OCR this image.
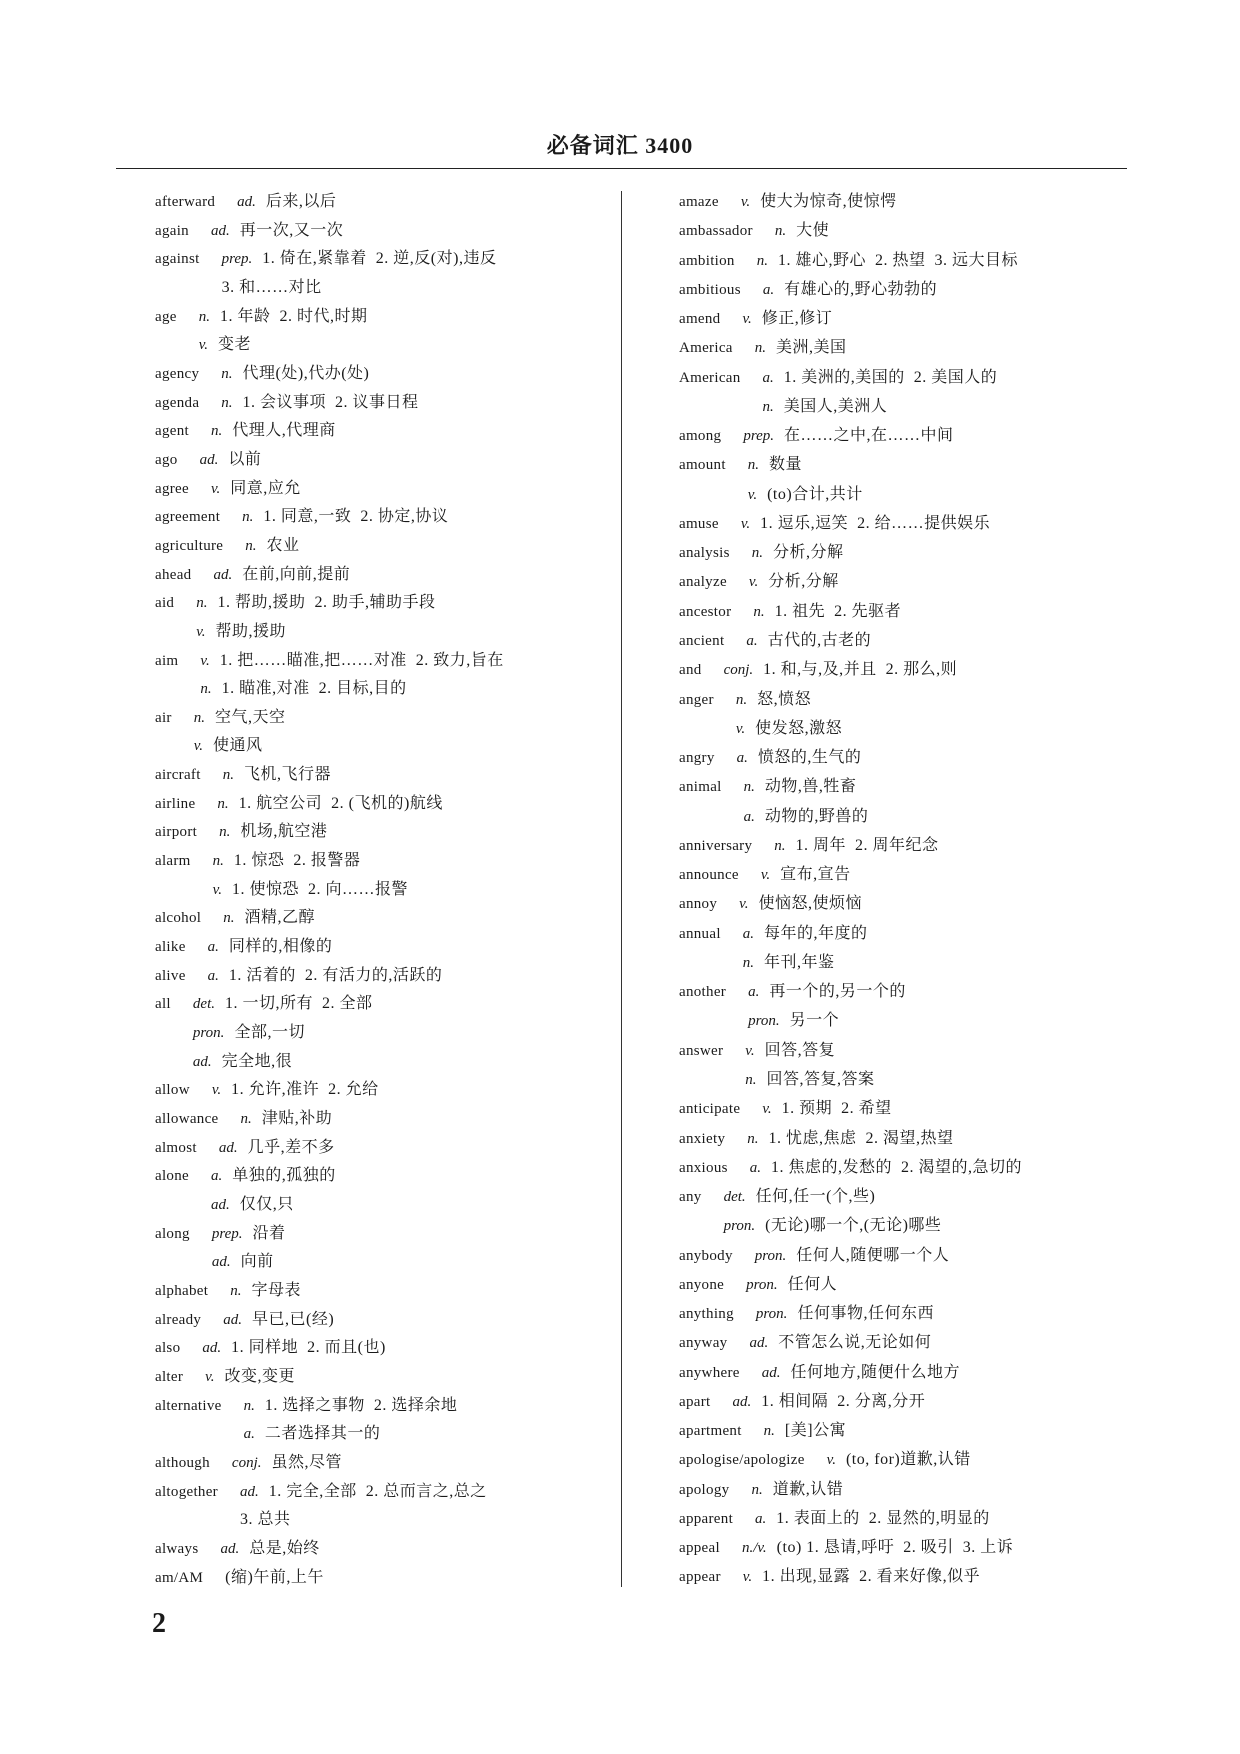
必备词汇 3400
afterward ad. 后来,以后
again ad. 再一次,又一次
against prep. 1. 倚在,紧靠着  2. 逆,反(对),违反
3. 和……对比
age n. 1. 年龄  2. 时代,时期
v. 变老
agency n. 代理(处),代办(处)
agenda n. 1. 会议事项  2. 议事日程
agent n. 代理人,代理商
ago ad. 以前
agree v. 同意,应允
agreement n. 1. 同意,一致  2. 协定,协议
agriculture n. 农业
ahead ad. 在前,向前,提前
aid n. 1. 帮助,援助  2. 助手,辅助手段
v. 帮助,援助
aim v. 1. 把……瞄准,把……对准  2. 致力,旨在
n. 1. 瞄准,对准  2. 目标,目的
air n. 空气,天空
v. 使通风
aircraft n. 飞机,飞行器
airline n. 1. 航空公司  2. (飞机的)航线
airport n. 机场,航空港
alarm n. 1. 惊恐  2. 报警器
v. 1. 使惊恐  2. 向……报警
alcohol n. 酒精,乙醇
alike a. 同样的,相像的
alive a. 1. 活着的  2. 有活力的,活跃的
all det. 1. 一切,所有  2. 全部
pron. 全部,一切
ad. 完全地,很
allow v. 1. 允许,准许  2. 允给
allowance n. 津贴,补助
almost ad. 几乎,差不多
alone a. 单独的,孤独的
ad. 仅仅,只
along prep. 沿着
ad. 向前
alphabet n. 字母表
already ad. 早已,已(经)
also ad. 1. 同样地  2. 而且(也)
alter v. 改变,变更
alternative n. 1. 选择之事物  2. 选择余地
a. 二者选择其一的
although conj. 虽然,尽管
altogether ad. 1. 完全,全部  2. 总而言之,总之
3. 总共
always ad. 总是,始终
am/AM (缩)午前,上午
amaze v. 使大为惊奇,使惊愕
ambassador n. 大使
ambition n. 1. 雄心,野心  2. 热望  3. 远大目标
ambitious a. 有雄心的,野心勃勃的
amend v. 修正,修订
America n. 美洲,美国
American a. 1. 美洲的,美国的  2. 美国人的
n. 美国人,美洲人
among prep. 在……之中,在……中间
amount n. 数量
v. (to)合计,共计
amuse v. 1. 逗乐,逗笑  2. 给……提供娱乐
analysis n. 分析,分解
analyze v. 分析,分解
ancestor n. 1. 祖先  2. 先驱者
ancient a. 古代的,古老的
and conj. 1. 和,与,及,并且  2. 那么,则
anger n. 怒,愤怒
v. 使发怒,激怒
angry a. 愤怒的,生气的
animal n. 动物,兽,牲畜
a. 动物的,野兽的
anniversary n. 1. 周年  2. 周年纪念
announce v. 宣布,宣告
annoy v. 使恼怒,使烦恼
annual a. 每年的,年度的
n. 年刊,年鉴
another a. 再一个的,另一个的
pron. 另一个
answer v. 回答,答复
n. 回答,答复,答案
anticipate v. 1. 预期  2. 希望
anxiety n. 1. 忧虑,焦虑  2. 渴望,热望
anxious a. 1. 焦虑的,发愁的  2. 渴望的,急切的
any det. 任何,任一(个,些)
pron. (无论)哪一个,(无论)哪些
anybody pron. 任何人,随便哪一个人
anyone pron. 任何人
anything pron. 任何事物,任何东西
anyway ad. 不管怎么说,无论如何
anywhere ad. 任何地方,随便什么地方
apart ad. 1. 相间隔  2. 分离,分开
apartment n. [美]公寓
apologise/apologize v. (to, for)道歉,认错
apology n. 道歉,认错
apparent a. 1. 表面上的  2. 显然的,明显的
appeal n./v. (to) 1. 恳请,呼吁  2. 吸引  3. 上诉
appear v. 1. 出现,显露  2. 看来好像,似乎
2
